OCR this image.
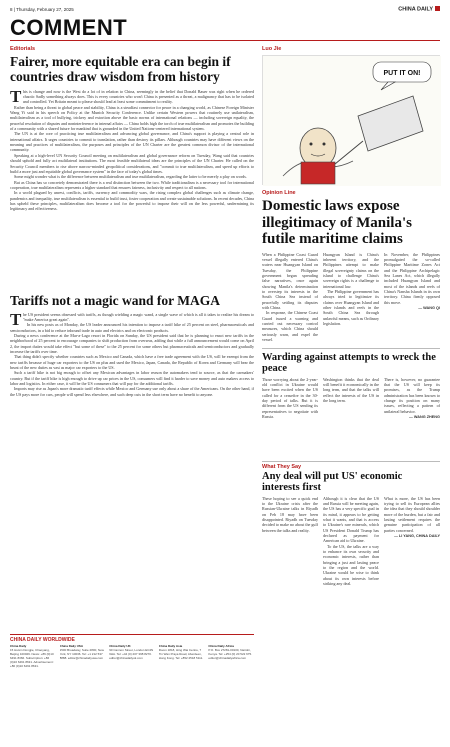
8 | Thursday, February 27, 2025	CHINA DAILY
COMMENT
Editorials
Fairer, more equitable era can begin if countries draw wisdom from history
T his is change and now is the West do a lot of in relation to China, seemingly in the belief that Donald Bauer was right when he ordered chaotic Sadly something always does. This is every countries who won't China is presented as a threat, a malignancy that has to be isolated and controlled. Yet Britain meant to please should lead at least some commitment to reality.

Rather than being a threat to global peace and stability, China is a steadfast connector for peace in a changing world, as Chinese Foreign Minister Wang Yi said in his speech on Policy at the Munich Security Conference. Unlike certain Western powers that routinely use unilateralism, multilateralism as a tool of bullying, trickery and extortion above the basic norms of international relations — including sovereign equality, the peaceful resolution of disputes and noninterference in internal affairs — China holds high the torch of true multilateralism and promotes the building of a community with a shared future for mankind that is grounded in the United Nations-centered international system.

The UN is at the core of practicing true multilateralism and advancing global governance, and China's support is playing a central role in international affairs. It urges countries to commit to translation, rather than destroy its pillars. Although countries may have different views on the meaning and practices of multilateralism, the purposes and principles of the UN Charter are the greatest common divisor of the international community.

Speaking at a high-level UN Security Council meeting on multilateralism and global governance reform on Tuesday, Wang said that countries should uphold and fully act multilateral institutions. The most feasible multilateral ideas are the principles of the UN Charter. He called on the Security Council members to rise above narrow-minded geopolitical considerations, and "commit to true multilateralism, and speed up efforts to build a more just and equitable global governance system" in the face of today's global times.

Some might wonder what is the difference between multilateralism and true multilateralism, regarding the latter to be merely a play on words.

But as China has so concretely demonstrated there is a real distinction between the two. While traditionalism is a necessary tool for international cooperation, true multilateralism represents a higher standard that ensures fairness, inclusivity and respect to all nations.

In a world plagued by unrest, conflicts, tariffs, currency and commodity wars, the rising complex global challenges such as climate change, pandemics and inequality, true multilateralism is essential to build trust, foster cooperation and create sustainable solutions. In recent decades, China has upheld these principles, multilateralism does become a tool for the powerful to impose their will on the less powerful, undermining its legitimacy and effectiveness.

Tariffs not a magic wand for MAGA
T he US president seems obsessed with tariffs, as though wielding a magic wand, a single wave of which is all it takes to realize his dream to "make America great again".

In his new posts as of Monday, the US leader announced his intention to impose a tariff hike of 25 percent on steel, pharmaceuticals and semiconductors, in a bid to reduce inbound trade in auto and electrics and on electronic products.

During a news conference at the Mar-a-Lago resort in Florida on Sunday, the US president said that he is planning to enact new tariffs in the neighborhood of 25 percent to encourage companies to shift production from overseas, adding that while a full announcement would come on April 2, the import duties would take effect "but some of these" to the 25 percent for some others but pharmaceuticals and semiconductors and gradually increase the tariffs over time.

That thing didn't specify whether countries such as Mexico and Canada, which have a free trade agreement with the US, will be exempt from the new tariffs because of huge car exporters to the US on plus and used the Mexico, Japan, Canada, the Republic of Korea and Germany will bear the brunt of the new duties as vast as major car exporters to the US.

Such a tariff hike is not big enough to offset any Mexican advantages in labor reason the automakers tend to source, as that the carmakers' country. But if the tariff hike is high enough to drive up car prices in the US, consumers will find it harder to save money and auto makers access to labor and logistics. In either case, it will be the US consumers that will pay for the additional tariffs.

Imports may rise as Japan's more dramatic tariff effects while Mexico and Germany use only about a share of the Americans. On the other hand, if the US pays more for cars, people will spend less elsewhere, and such deep cuts in the short term have no benefit to anyone.

Luo Jie
PUT IT ON!
Opinion Line
Domestic laws expose illegitimacy of Manila's futile maritime claims

When a Philippine Coast Guard vessel illegally entered China's waters near Huangyan Island on Tuesday, the Philippine government began spreading false narratives, once again showing Manila's determination to overstep its interests in the South China Sea instead of peacefully settling its disputes with China.

In response, the Chinese Coast Guard issued a warning and carried out necessary control measures, which China should seriously warn, and expel the vessel.

Huangyan Island is China's inherent territory, and the Philippines attempt to make illegal sovereignty claims on the island to challenge China's sovereign rights is a challenge to international law.

The Philippine government has always tried to legitimize its claims over Huangyan Island and other islands and reefs in the South China Sea through unlawful means, such as Ordinary legislation.

In November, the Philippines promulgated the so-called Philippine Maritime Zones Act and the Philippine Archipelagic Sea Lanes Act, which illegally included Huangyan Island and most of the islands and reefs of China's Nansha Islands in its own territory. China firmly opposed this move.

— WANG QI
Warding against attempts to wreck the peace

Those worrying about the 2-year-old conflict in Ukraine would have been excited when the US called for a ceasefire in the 30-day period of talks. But it is different from the US sending its representatives to negotiate with Russia.

Washington thinks that the deal will benefit it economically in the long term, and that the talks will reflect the interests of the US in the long term.

There is, however, no guarantee that the US will keep its promises, as the Trump administration has been known to change its position on many issues, reflecting a pattern of unilateral behavior.

— WANG ZHENG
What They Say
Any deal will put US' economic interests first

These hoping to see a quick end to the Ukraine crisis after the Russian-Ukraine talks in Riyadh on Feb 18 may have been disappointed. Riyadh on Tuesday decided to make no about the gulf between the talks and reality.

Although it is clear that the US and Russia will be meeting again, the US has a very specific goal in its mind, it appears to be getting what it wants, and that is access to Ukraine's rare minerals, which US President Donald Trump has declared as payment for American aid to Ukraine.

To the US, the talks are a way to enhance its own security and economic interests, rather than bringing a just and lasting peace to the region and the world. Ukraine would be wise to think about its own interests before striking any deal.

What is more, the US has been trying to sell its European allies the idea that they should shoulder more of the burden, but a fair and lasting settlement requires the genuine participation of all parties concerned.

— LI YANG, CHINA DAILY
CHINA DAILY WORLDWIDE
China Daily
15 Huixin Dongjie, Chaoyang, Beijing 100029. News: +86 (0)10 6491 8366. Subscription: +86 (0)10 6491 8631. Advertisement: +86 (0)10 6491 8631.
China Daily USA
1500 Broadway, Suite 2800, New York, NY 10036. Tel: +1 212 537 8888. editor@chinadailyusa.com
China Daily UK
90 Cannon Street, London EC4N 6HA. Tel: +44 (0) 207 398 8270. editor@chinadailyuk.com
China Daily Asia
Room 1818, Hing Wai Centre, 7 Tin Wan Praya Road, Aberdeen, Hong Kong. Tel: +852 2518 5111.
China Daily Africa
P.O. Box 27281-00100, Nairobi, Kenya. Tel: +254 (0) 20 522 675. editor@chinadailyafrica.com
